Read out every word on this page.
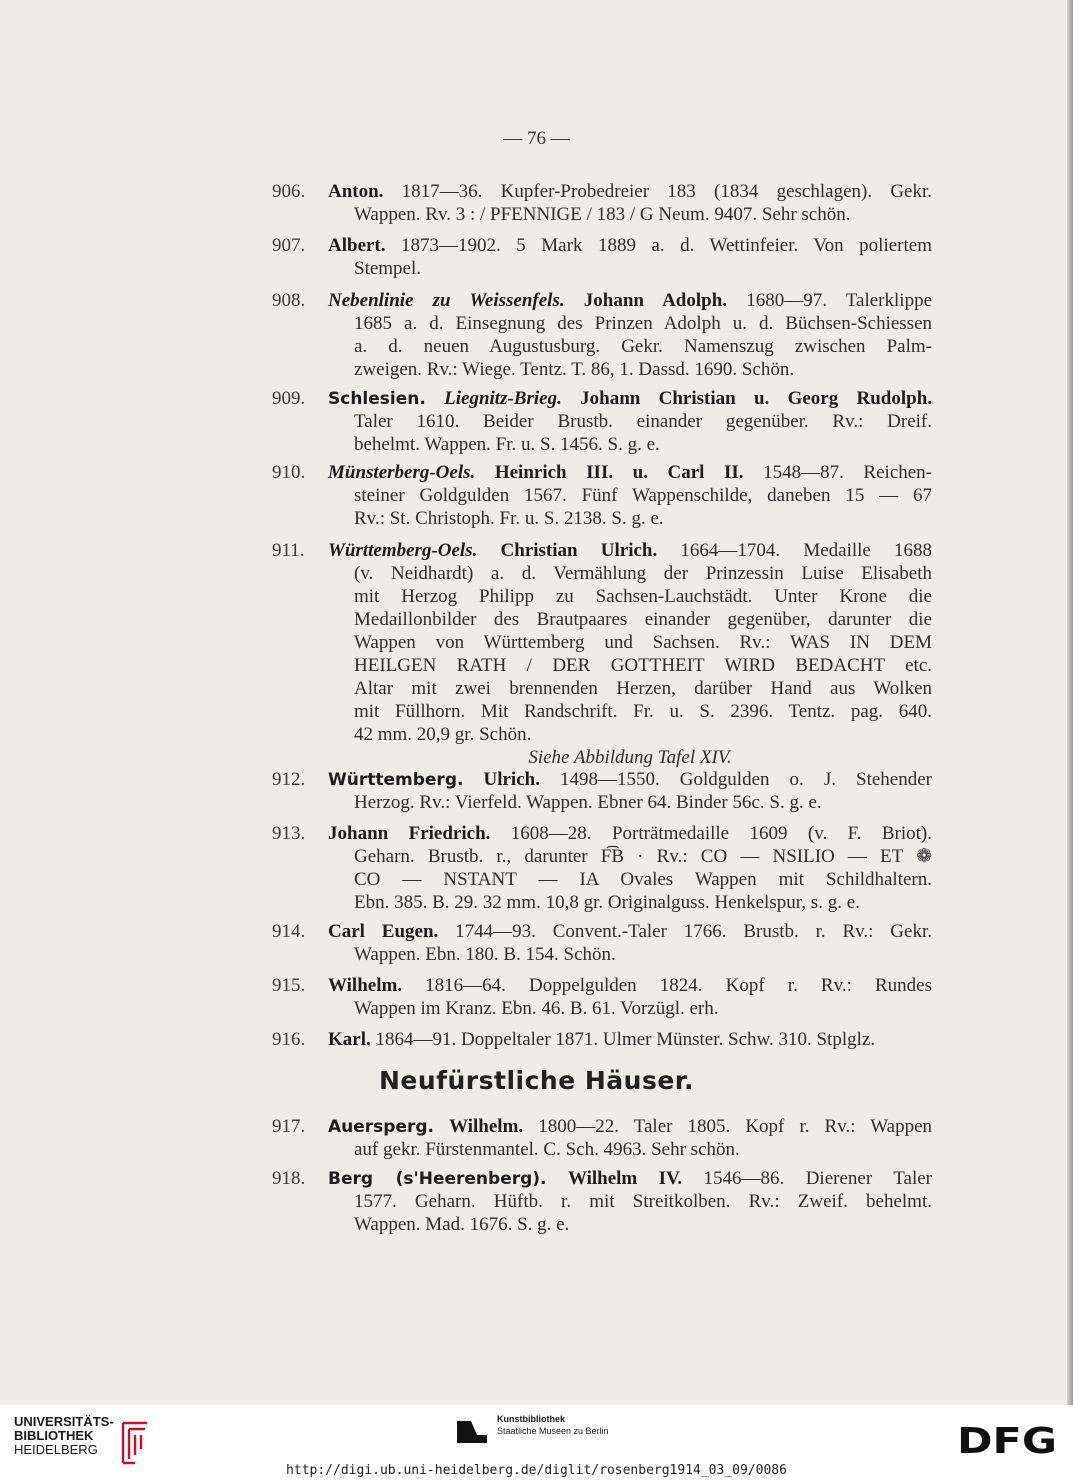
— 76 —
906. Anton. 1817—36. Kupfer-Probedreier 183 (1834 geschlagen). Gekr.
Wappen. Rv. 3 : / PFENNIGE / 183 / G Neum. 9407. Sehr schön.
907. Albert. 1873—1902. 5 Mark 1889 a. d. Wettinfeier. Von poliertem
Stempel.
908. Nebenlinie zu Weissenfels. Johann Adolph. 1680—97. Talerklippe
1685 a. d. Einsegnung des Prinzen Adolph u. d. Büchsen-Schiessen
a. d. neuen Augustusburg. Gekr. Namenszug zwischen Palm-
zweigen. Rv.: Wiege. Tentz. T. 86, 1. Dassd. 1690. Schön.
909. Schlesien. Liegnitz-Brieg. Johann Christian u. Georg Rudolph.
Taler 1610. Beider Brustb. einander gegenüber. Rv.: Dreif.
behelmt. Wappen. Fr. u. S. 1456. S. g. e.
910. Münsterberg-Oels. Heinrich III. u. Carl II. 1548—87. Reichen-
steiner Goldgulden 1567. Fünf Wappenschilde, daneben 15 — 67
Rv.: St. Christoph. Fr. u. S. 2138. S. g. e.
911. Württemberg-Oels. Christian Ulrich. 1664—1704. Medaille 1688
(v. Neidhardt) a. d. Vermählung der Prinzessin Luise Elisabeth
mit Herzog Philipp zu Sachsen-Lauchstädt. Unter Krone die
Medaillonbilder des Brautpaares einander gegenüber, darunter die
Wappen von Württemberg und Sachsen. Rv.: WAS IN DEM
HEILGEN RATH / DER GOTTHEIT WIRD BEDACHT etc.
Altar mit zwei brennenden Herzen, darüber Hand aus Wolken
mit Füllhorn. Mit Randschrift. Fr. u. S. 2396. Tentz. pag. 640.
42 mm. 20,9 gr. Schön.
Siehe Abbildung Tafel XIV.
912. Württemberg. Ulrich. 1498—1550. Goldgulden o. J. Stehender
Herzog. Rv.: Vierfeld. Wappen. Ebner 64. Binder 56c. S. g. e.
913. Johann Friedrich. 1608—28. Porträtmedaille 1609 (v. F. Briot).
Geharn. Brustb. r., darunter F͡B · Rv.: CO — NSILIO — ET ❁
CO — NSTANT — IA Ovales Wappen mit Schildhaltern.
Ebn. 385. B. 29. 32 mm. 10,8 gr. Originalguss. Henkelspur, s. g. e.
914. Carl Eugen. 1744—93. Convent.-Taler 1766. Brustb. r. Rv.: Gekr.
Wappen. Ebn. 180. B. 154. Schön.
915. Wilhelm. 1816—64. Doppelgulden 1824. Kopf r. Rv.: Rundes
Wappen im Kranz. Ebn. 46. B. 61. Vorzügl. erh.
916. Karl. 1864—91. Doppeltaler 1871. Ulmer Münster. Schw. 310. Stplglz.
917. Auersperg. Wilhelm. 1800—22. Taler 1805. Kopf r. Rv.: Wappen
auf gekr. Fürstenmantel. C. Sch. 4963. Sehr schön.
918. Berg (s'Heerenberg). Wilhelm IV. 1546—86. Dierener Taler
1577. Geharn. Hüftb. r. mit Streitkolben. Rv.: Zweif. behelmt.
Wappen. Mad. 1676. S. g. e.
Neufürstliche Häuser.
UNIVERSITÄTS-
BIBLIOTHEK
HEIDELBERG
Kunstbibliothek
Staatliche Museen zu Berlin	DFG
http://digi.ub.uni-heidelberg.de/diglit/rosenberg1914_03_09/0086
